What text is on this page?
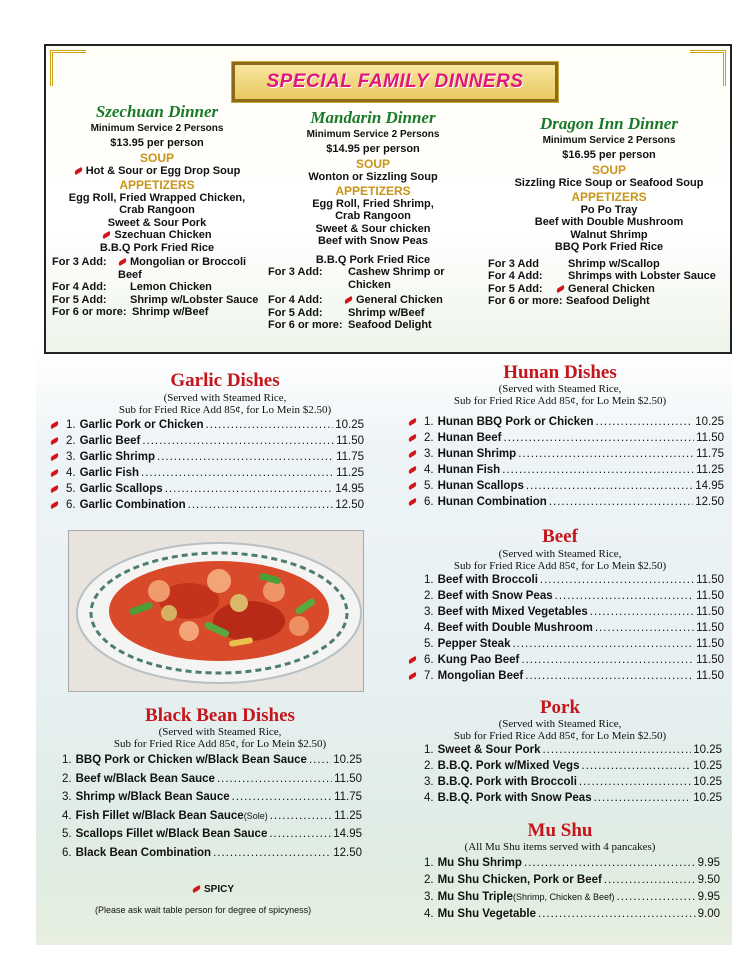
SPECIAL FAMILY DINNERS
Szechuan Dinner
Minimum Service 2 Persons
$13.95 per person
SOUP
Hot & Sour or Egg Drop Soup
APPETIZERS
Egg Roll, Fried Wrapped Chicken,
Crab Rangoon
Sweet & Sour Pork
Szechuan Chicken
B.B.Q Pork Fried Rice
For 3 Add:	Mongolian or Broccoli Beef
For 4 Add:	Lemon Chicken
For 5 Add:	Shrimp w/Lobster Sauce
For 6 or more: Shrimp w/Beef
Mandarin Dinner
Minimum Service 2 Persons
$14.95 per person
SOUP
Wonton or Sizzling Soup
APPETIZERS
Egg Roll, Fried Shrimp,
Crab Rangoon
Sweet & Sour chicken
Beef with Snow Peas
B.B.Q Pork Fried Rice
For 3 Add:	Cashew Shrimp or Chicken
For 4 Add:	General Chicken
For 5 Add:	Shrimp w/Beef
For 6 or more: Seafood Delight
Dragon Inn Dinner
Minimum Service 2 Persons
$16.95 per person
SOUP
Sizzling Rice Soup or Seafood Soup
APPETIZERS
Po Po Tray
Beef with Double Mushroom
Walnut Shrimp
BBQ Pork Fried Rice
For 3 Add	Shrimp w/Scallop
For 4 Add:	Shrimps with Lobster Sauce
For 5 Add:	General Chicken
For 6 or more: Seafood Delight
Garlic Dishes
(Served with Steamed Rice,
Sub for Fried Rice Add 85¢, for Lo Mein $2.50)
1. Garlic Pork or Chicken .....	10.25
2. Garlic Beef .....	11.50
3. Garlic Shrimp .....	11.75
4. Garlic Fish .....	11.25
5. Garlic Scallops .....	14.95
6. Garlic Combination .....	12.50
Hunan Dishes
(Served with Steamed Rice,
Sub for Fried Rice Add 85¢, for Lo Mein $2.50)
1. Hunan BBQ Pork or Chicken .....	10.25
2. Hunan Beef .....	11.50
3. Hunan Shrimp .....	11.75
4. Hunan Fish .....	11.25
5. Hunan Scallops .....	14.95
6. Hunan Combination .....	12.50
Beef
(Served with Steamed Rice,
Sub for Fried Rice Add 85¢, for Lo Mein $2.50)
1. Beef with Broccoli .....	11.50
2. Beef with Snow Peas .....	11.50
3. Beef with Mixed Vegetables .....	11.50
4. Beef with Double Mushroom .....	11.50
5. Pepper Steak .....	11.50
6. Kung Pao Beef .....	11.50
7. Mongolian Beef .....	11.50
Black Bean Dishes
(Served with Steamed Rice,
Sub for Fried Rice Add 85¢, for Lo Mein $2.50)
1. BBQ Pork or Chicken w/Black Bean Sauce ..... 10.25
2. Beef w/Black Bean Sauce .....	11.50
3. Shrimp w/Black Bean Sauce .....	11.75
4. Fish Fillet w/Black Bean Sauce (Sole) .....	11.25
5. Scallops Fillet w/Black Bean Sauce .....	14.95
6. Black Bean Combination .....	12.50
Pork
(Served with Steamed Rice,
Sub for Fried Rice Add 85¢, for Lo Mein $2.50)
1. Sweet & Sour Pork .....	10.25
2. B.B.Q. Pork w/Mixed Vegs .....	10.25
3. B.B.Q. Pork with Broccoli .....	10.25
4. B.B.Q. Pork with Snow Peas .....	10.25
Mu Shu
(All Mu Shu items served with 4 pancakes)
1. Mu Shu Shrimp .....	9.95
2. Mu Shu Chicken, Pork or Beef .....	9.50
3. Mu Shu Triple (Shrimp, Chicken & Beef) .....	9.95
4. Mu Shu Vegetable .....	9.00
SPICY
(Please ask wait table person for degree of spicyness)
